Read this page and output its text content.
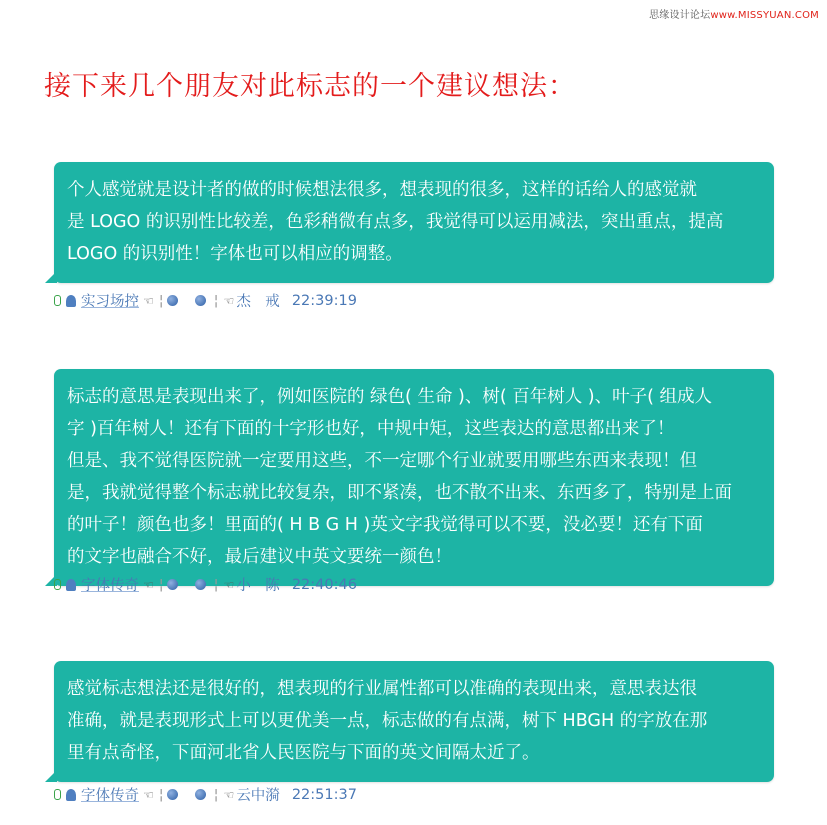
思缘设计论坛www.MISSYUAN.COM
接下来几个朋友对此标志的一个建议想法：

个人感觉就是设计者的做的时候想法很多，想表现的很多，这样的话给人的感觉就

是 LOGO 的识别性比较差，色彩稍微有点多，我觉得可以运用减法，突出重点，提高

LOGO 的识别性！字体也可以相应的调整。

实习场控 ☜ ¦	¦ ☜ 杰　戒 22:39:19

标志的意思是表现出来了，例如医院的 绿色( 生命 )、树( 百年树人 )、叶子( 组成人

字 )百年树人！还有下面的十字形也好，中规中矩，这些表达的意思都出来了！

但是、我不觉得医院就一定要用这些，不一定哪个行业就要用哪些东西来表现！但

是，我就觉得整个标志就比较复杂，即不紧凑，也不散不出来、东西多了，特别是上面

的叶子！颜色也多！里面的( H B G H )英文字我觉得可以不要，没必要！还有下面

的文字也融合不好，最后建议中英文要统一颜色！

字体传奇 ☜ ¦	¦ ☜ 小　陈 22:40:46

感觉标志想法还是很好的，想表现的行业属性都可以准确的表现出来，意思表达很

准确，就是表现形式上可以更优美一点，标志做的有点满，树下 HBGH 的字放在那

里有点奇怪，下面河北省人民医院与下面的英文间隔太近了。

字体传奇 ☜ ¦	¦ ☜ 云中漪 22:51:37
